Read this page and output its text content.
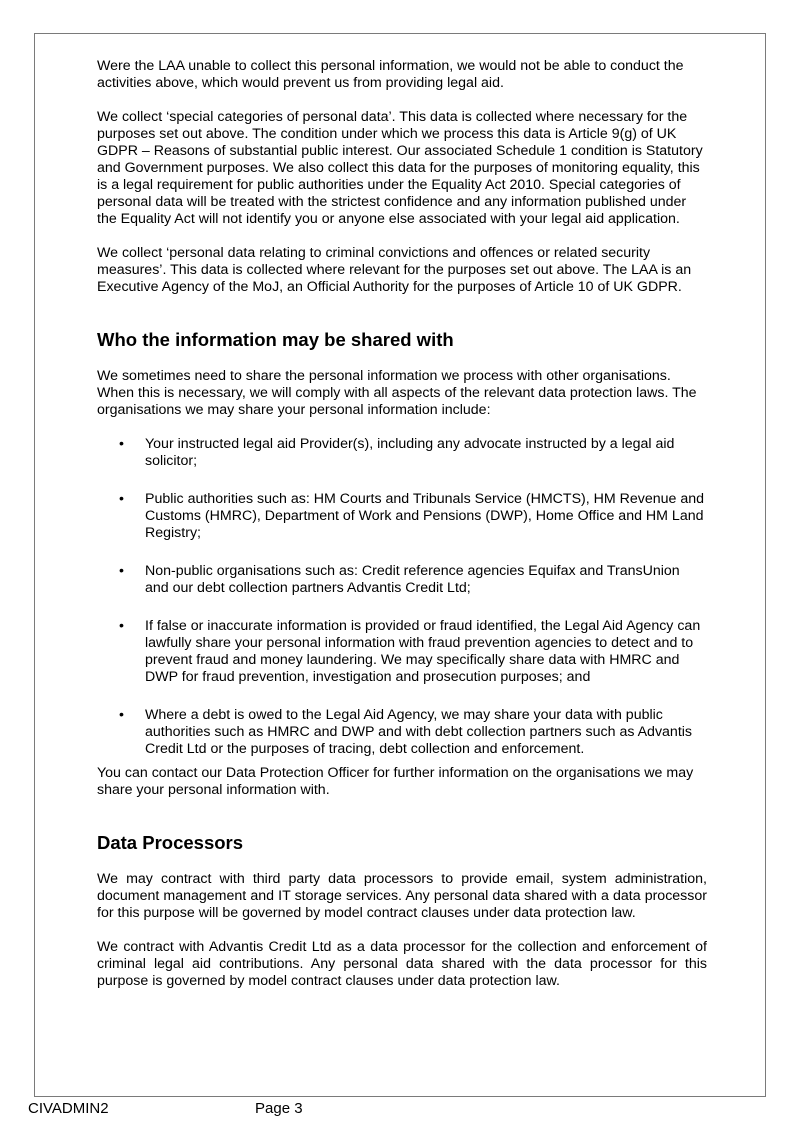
Were the LAA unable to collect this personal information, we would not be able to conduct the activities above, which would prevent us from providing legal aid.

We collect ‘special categories of personal data’. This data is collected where necessary for the purposes set out above. The condition under which we process this data is Article 9(g) of UK GDPR – Reasons of substantial public interest. Our associated Schedule 1 condition is Statutory and Government purposes. We also collect this data for the purposes of monitoring equality, this is a legal requirement for public authorities under the Equality Act 2010. Special categories of personal data will be treated with the strictest confidence and any information published under the Equality Act will not identify you or anyone else associated with your legal aid application.

We collect ‘personal data relating to criminal convictions and offences or related security measures’. This data is collected where relevant for the purposes set out above. The LAA is an Executive Agency of the MoJ, an Official Authority for the purposes of Article 10 of UK GDPR.

Who the information may be shared with

We sometimes need to share the personal information we process with other organisations. When this is necessary, we will comply with all aspects of the relevant data protection laws. The organisations we may share your personal information include:

• Your instructed legal aid Provider(s), including any advocate instructed by a legal aid solicitor;
• Public authorities such as: HM Courts and Tribunals Service (HMCTS), HM Revenue and Customs (HMRC), Department of Work and Pensions (DWP), Home Office and HM Land Registry;
• Non-public organisations such as: Credit reference agencies Equifax and TransUnion and our debt collection partners Advantis Credit Ltd;
• If false or inaccurate information is provided or fraud identified, the Legal Aid Agency can lawfully share your personal information with fraud prevention agencies to detect and to prevent fraud and money laundering. We may specifically share data with HMRC and DWP for fraud prevention, investigation and prosecution purposes; and
• Where a debt is owed to the Legal Aid Agency, we may share your data with public authorities such as HMRC and DWP and with debt collection partners such as Advantis Credit Ltd or the purposes of tracing, debt collection and enforcement.

You can contact our Data Protection Officer for further information on the organisations we may share your personal information with.

Data Processors

We may contract with third party data processors to provide email, system administration, document management and IT storage services. Any personal data shared with a data processor for this purpose will be governed by model contract clauses under data protection law.

We contract with Advantis Credit Ltd as a data processor for the collection and enforcement of criminal legal aid contributions. Any personal data shared with the data processor for this purpose is governed by model contract clauses under data protection law.

CIVADMIN2	Page 3
